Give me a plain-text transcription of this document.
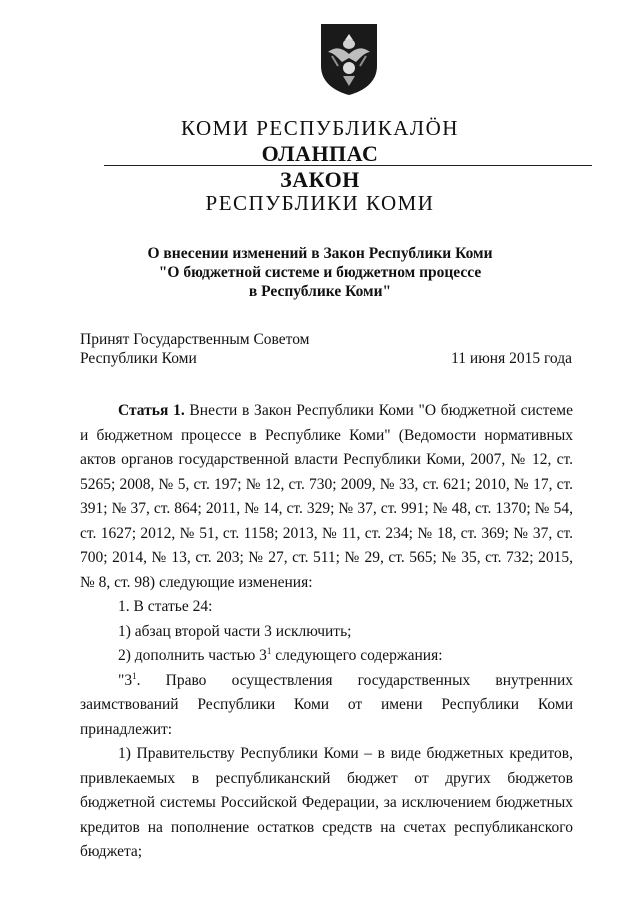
КОМИ РЕСПУБЛИКАЛӦН
ОЛАНПАС
ЗАКОН
РЕСПУБЛИКИ КОМИ
О внесении изменений в Закон Республики Коми
"О бюджетной системе и бюджетном процессе
в Республике Коми"
Принят Государственным Советом
Республики Коми	11 июня 2015 года

Статья 1. Внести в Закон Республики Коми "О бюджетной системе и бюджетном процессе в Республике Коми" (Ведомости нормативных актов органов государственной власти Республики Коми, 2007, № 12, ст. 5265; 2008, № 5, ст. 197; № 12, ст. 730; 2009, № 33, ст. 621; 2010, № 17, ст. 391; № 37, ст. 864; 2011, № 14, ст. 329; № 37, ст. 991; № 48, ст. 1370; № 54, ст. 1627; 2012, № 51, ст. 1158; 2013, № 11, ст. 234; № 18, ст. 369; № 37, ст. 700; 2014, № 13, ст. 203; № 27, ст. 511; № 29, ст. 565; № 35, ст. 732; 2015, № 8, ст. 98) следующие изменения:

1. В статье 24:

1) абзац второй части 3 исключить;

2) дополнить частью $3^1$ следующего содержания:

"$3^1$. Право осуществления государственных внутренних

заимствований Республики Коми от имени Республики Коми принадлежит:

1) Правительству Республики Коми – в виде бюджетных кредитов, привлекаемых в республиканский бюджет от других бюджетов бюджетной системы Российской Федерации, за исключением бюджетных кредитов на пополнение остатков средств на счетах республиканского бюджета;
